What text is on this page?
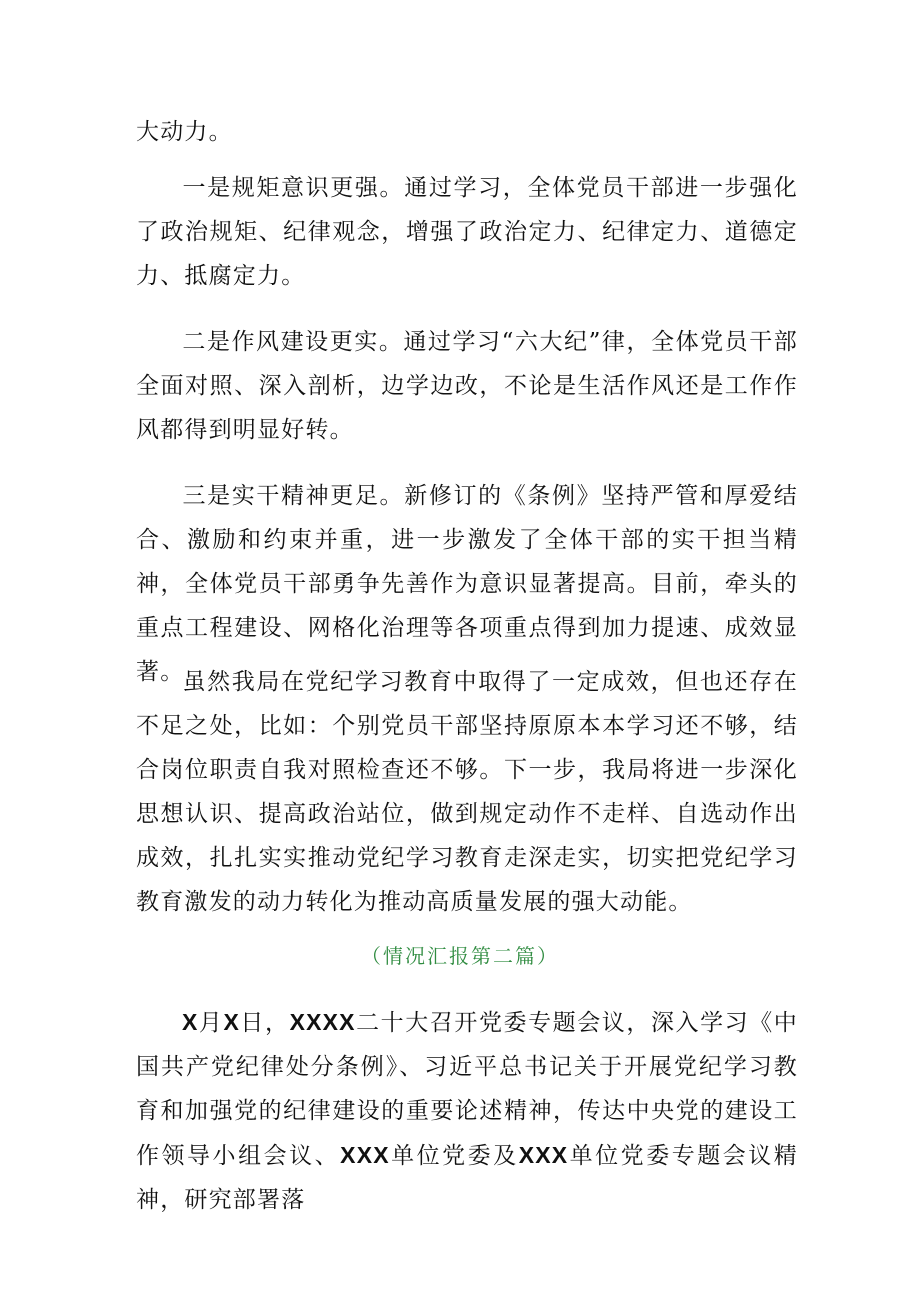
大动力。

一是规矩意识更强。通过学习，全体党员干部进一步强化了政治规矩、纪律观念，增强了政治定力、纪律定力、道德定力、抵腐定力。

二是作风建设更实。通过学习“六大纪”律，全体党员干部全面对照、深入剖析，边学边改，不论是生活作风还是工作作风都得到明显好转。

三是实干精神更足。新修订的《条例》坚持严管和厚爱结合、激励和约束并重，进一步激发了全体干部的实干担当精神，全体党员干部勇争先善作为意识显著提高。目前，牵头的重点工程建设、网格化治理等各项重点得到加力提速、成效显著。

虽然我局在党纪学习教育中取得了一定成效，但也还存在不足之处，比如：个别党员干部坚持原原本本学习还不够，结合岗位职责自我对照检查还不够。下一步，我局将进一步深化思想认识、提高政治站位，做到规定动作不走样、自选动作出成效，扎扎实实推动党纪学习教育走深走实，切实把党纪学习教育激发的动力转化为推动高质量发展的强大动能。

（情况汇报第二篇）

X月X日，XXXX二十大召开党委专题会议，深入学习《中国共产党纪律处分条例》、习近平总书记关于开展党纪学习教育和加强党的纪律建设的重要论述精神，传达中央党的建设工作领导小组会议、XXX单位党委及XXX单位党委专题会议精神，研究部署落
